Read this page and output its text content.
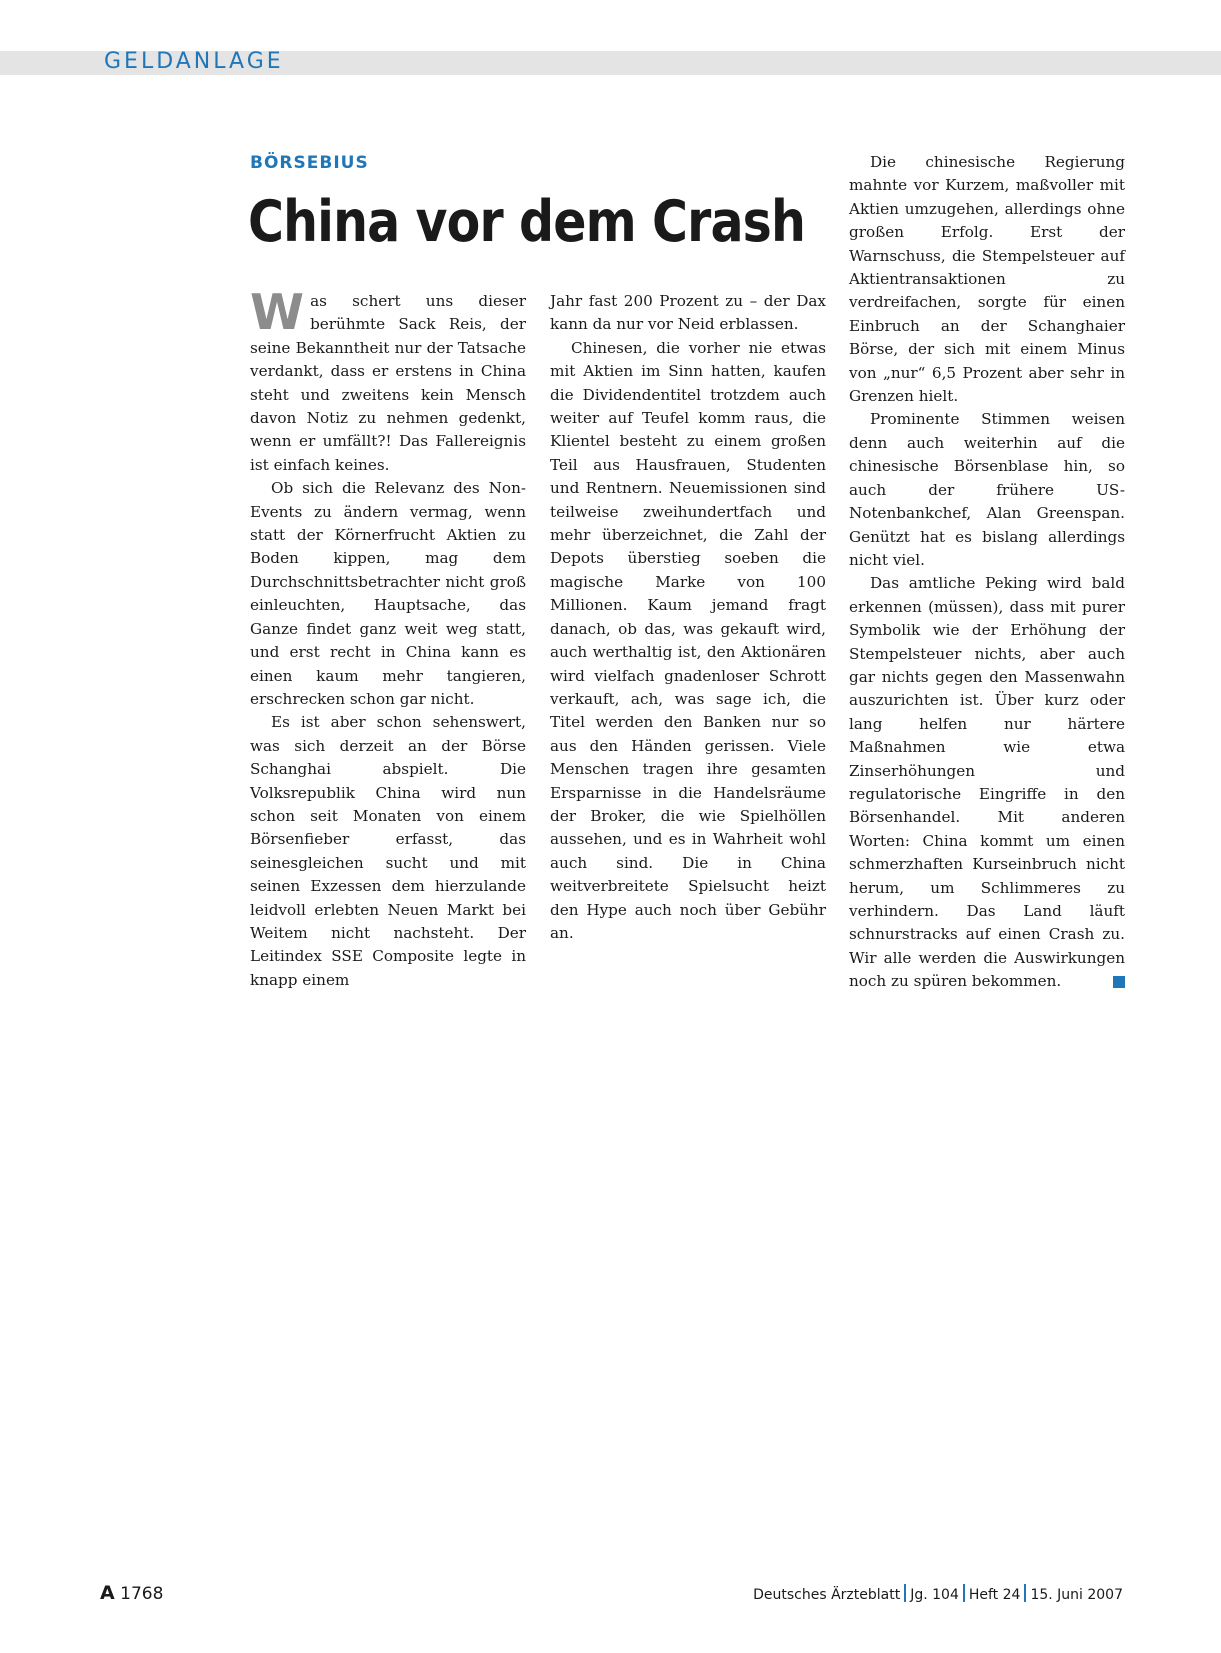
GELDANLAGE
BÖRSEBIUS
China vor dem Crash

Was schert uns dieser berühmte Sack Reis, der seine Bekanntheit nur der Tatsache verdankt, dass er erstens in China steht und zweitens kein Mensch davon Notiz zu nehmen gedenkt, wenn er umfällt?! Das Fallereignis ist einfach keines.

Ob sich die Relevanz des Non-Events zu ändern vermag, wenn statt der Körnerfrucht Aktien zu Boden kippen, mag dem Durchschnittsbetrachter nicht groß einleuchten, Hauptsache, das Ganze findet ganz weit weg statt, und erst recht in China kann es einen kaum mehr tangieren, erschrecken schon gar nicht.

Es ist aber schon sehenswert, was sich derzeit an der Börse Schanghai abspielt. Die Volksrepublik China wird nun schon seit Monaten von einem Börsenfieber erfasst, das seinesgleichen sucht und mit seinen Exzessen dem hierzulande leidvoll erlebten Neuen Markt bei Weitem nicht nachsteht. Der Leitindex SSE Composite legte in knapp einem

Jahr fast 200 Prozent zu – der Dax kann da nur vor Neid erblassen.

Chinesen, die vorher nie etwas mit Aktien im Sinn hatten, kaufen die Dividendentitel trotzdem auch weiter auf Teufel komm raus, die Klientel besteht zu einem großen Teil aus Hausfrauen, Studenten und Rentnern. Neuemissionen sind teilweise zweihundertfach und mehr überzeichnet, die Zahl der Depots überstieg soeben die magische Marke von 100 Millionen. Kaum jemand fragt danach, ob das, was gekauft wird, auch werthaltig ist, den Aktionären wird vielfach gnadenloser Schrott verkauft, ach, was sage ich, die Titel werden den Banken nur so aus den Händen gerissen. Viele Menschen tragen ihre gesamten Ersparnisse in die Handelsräume der Broker, die wie Spielhöllen aussehen, und es in Wahrheit wohl auch sind. Die in China weitverbreitete Spielsucht heizt den Hype auch noch über Gebühr an.

Die chinesische Regierung mahnte vor Kurzem, maßvoller mit Aktien umzugehen, allerdings ohne großen Erfolg. Erst der Warnschuss, die Stempelsteuer auf Aktientransaktionen zu verdreifachen, sorgte für einen Einbruch an der Schanghaier Börse, der sich mit einem Minus von „nur“ 6,5 Prozent aber sehr in Grenzen hielt.

Prominente Stimmen weisen denn auch weiterhin auf die chinesische Börsenblase hin, so auch der frühere US-Notenbankchef, Alan Greenspan. Genützt hat es bislang allerdings nicht viel.

Das amtliche Peking wird bald erkennen (müssen), dass mit purer Symbolik wie der Erhöhung der Stempelsteuer nichts, aber auch gar nichts gegen den Massenwahn auszurichten ist. Über kurz oder lang helfen nur härtere Maßnahmen wie etwa Zinserhöhungen und regulatorische Eingriffe in den Börsenhandel. Mit anderen Worten: China kommt um einen schmerzhaften Kurseinbruch nicht herum, um Schlimmeres zu verhindern. Das Land läuft schnurstracks auf einen Crash zu. Wir alle werden die Auswirkungen noch zu spüren bekommen.

A 1768	Deutsches Ärzteblatt Jg. 104 Heft 24 15. Juni 2007
